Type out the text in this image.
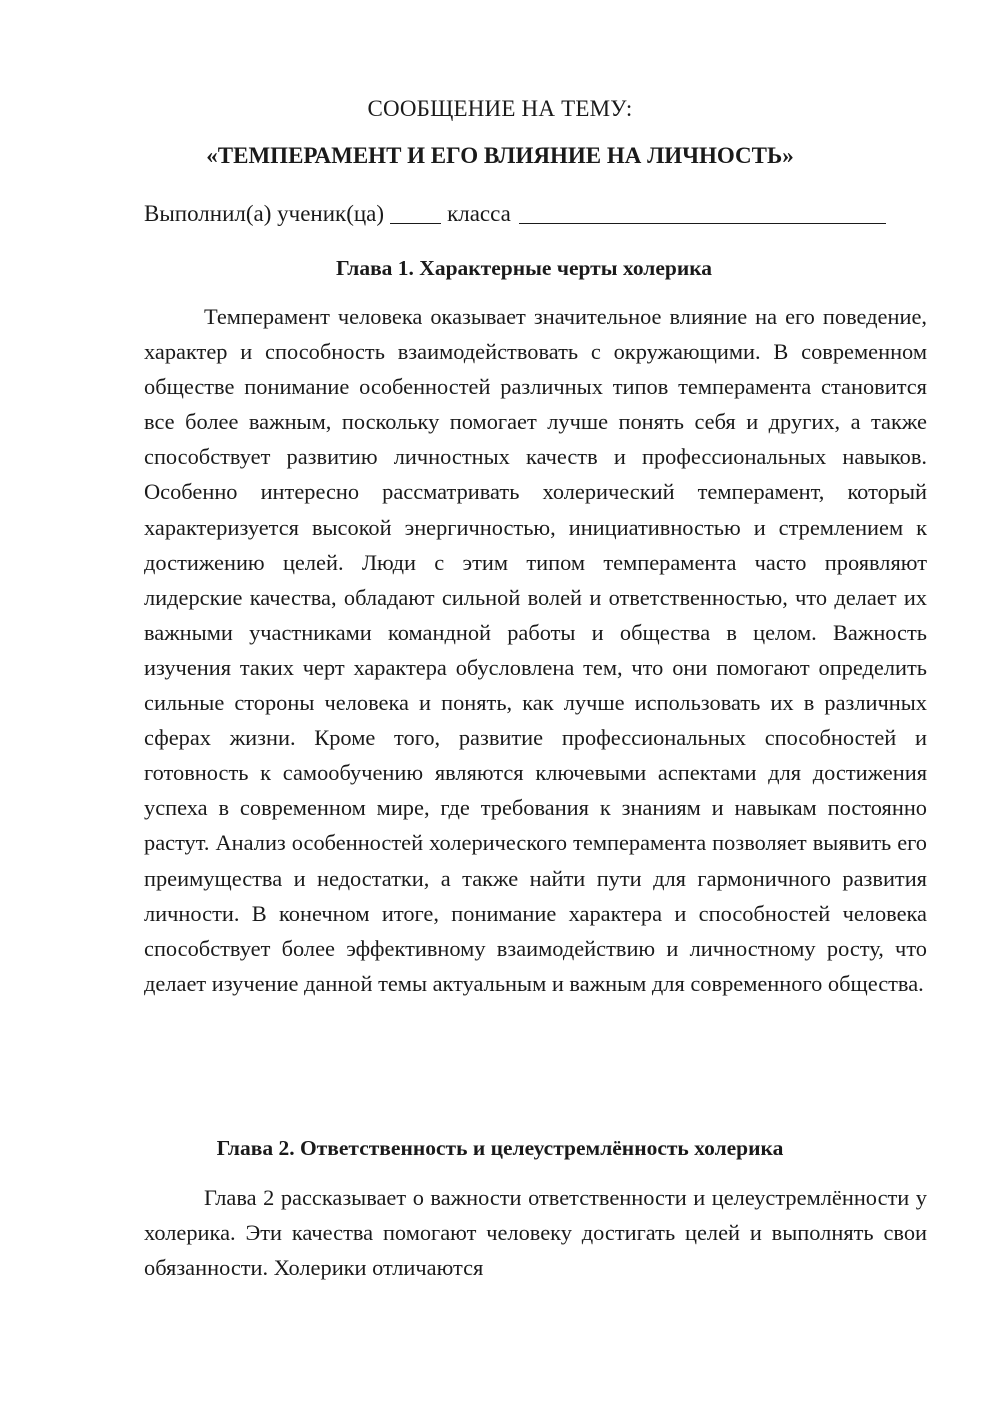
СООБЩЕНИЕ НА ТЕМУ:
«ТЕМПЕРАМЕНТ И ЕГО ВЛИЯНИЕ НА ЛИЧНОСТЬ»
Выполнил(а) ученик(ца)	класса
Глава 1. Характерные черты холерика

Темперамент человека оказывает значительное влияние на его поведение, характер и способность взаимодействовать с окружающими. В современном обществе понимание особенностей различных типов темперамента становится все более важным, поскольку помогает лучше понять себя и других, а также способствует развитию личностных качеств и профессиональных навыков. Особенно интересно рассматривать холерический темперамент, который характеризуется высокой энергичностью, инициативностью и стремлением к достижению целей. Люди с этим типом темперамента часто проявляют лидерские качества, обладают сильной волей и ответственностью, что делает их важными участниками командной работы и общества в целом. Важность изучения таких черт характера обусловлена тем, что они помогают определить сильные стороны человека и понять, как лучше использовать их в различных сферах жизни. Кроме того, развитие профессиональных способностей и готовность к самообучению являются ключевыми аспектами для достижения успеха в современном мире, где требования к знаниям и навыкам постоянно растут. Анализ особенностей холерического темперамента позволяет выявить его преимущества и недостатки, а также найти пути для гармоничного развития личности. В конечном итоге, понимание характера и способностей человека способствует более эффективному взаимодействию и личностному росту, что делает изучение данной темы актуальным и важным для современного общества.

Глава 2. Ответственность и целеустремлённость холерика

Глава 2 рассказывает о важности ответственности и целеустремлённости у холерика. Эти качества помогают человеку достигать целей и выполнять свои обязанности. Холерики отличаются
